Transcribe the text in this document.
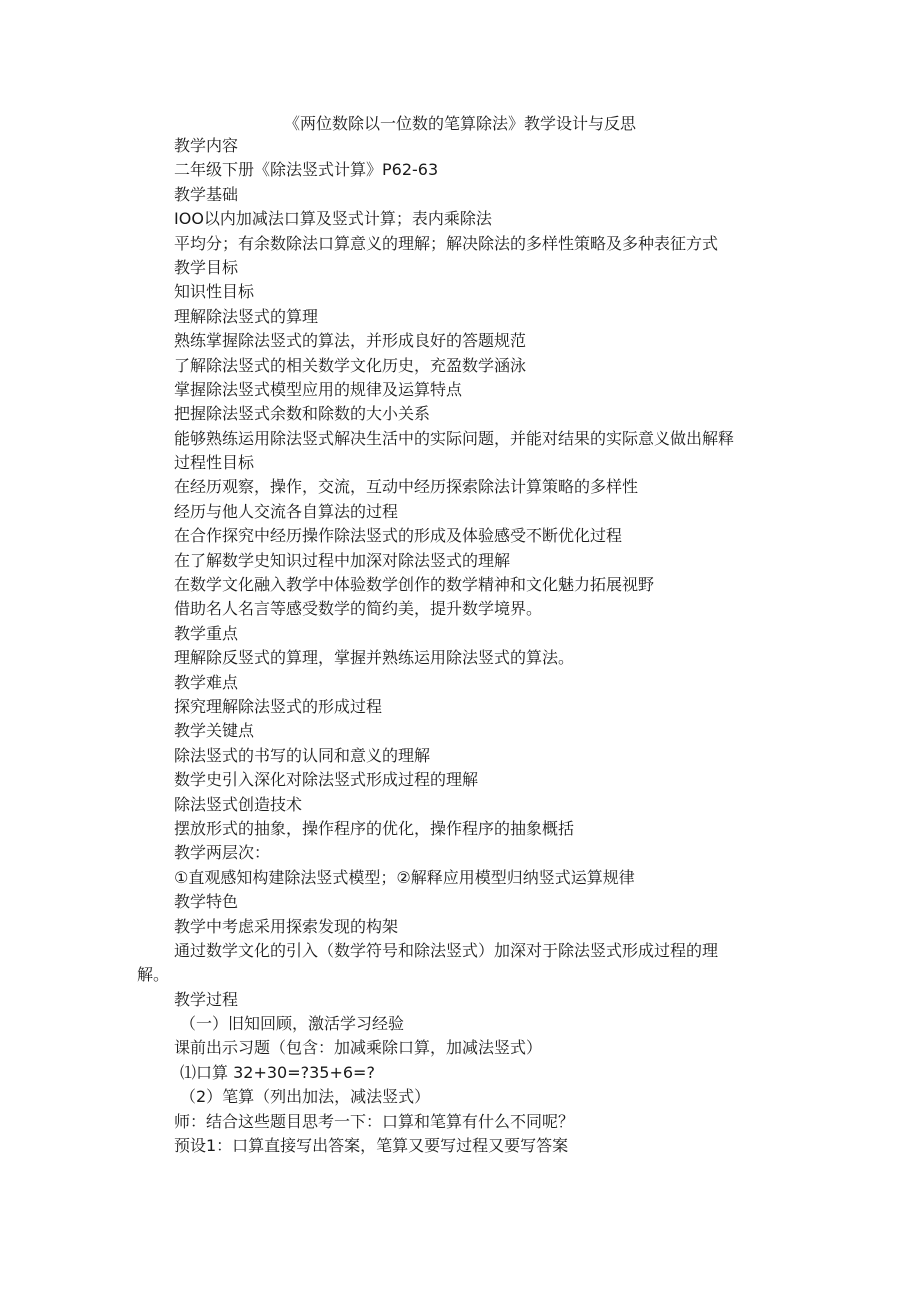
《两位数除以一位数的笔算除法》教学设计与反思
教学内容
二年级下册《除法竖式计算》P62-63
教学基础
IOO以内加减法口算及竖式计算；表内乘除法
平均分；有余数除法口算意义的理解；解决除法的多样性策略及多种表征方式
教学目标
知识性目标
理解除法竖式的算理
熟练掌握除法竖式的算法，并形成良好的答题规范
了解除法竖式的相关数学文化历史，充盈数学涵泳
掌握除法竖式模型应用的规律及运算特点
把握除法竖式余数和除数的大小关系
能够熟练运用除法竖式解决生活中的实际问题，并能对结果的实际意义做出解释
过程性目标
在经历观察，操作，交流，互动中经历探索除法计算策略的多样性
经历与他人交流各自算法的过程
在合作探究中经历操作除法竖式的形成及体验感受不断优化过程
在了解数学史知识过程中加深对除法竖式的理解
在数学文化融入教学中体验数学创作的数学精神和文化魅力拓展视野
借助名人名言等感受数学的简约美，提升数学境界。
教学重点
理解除反竖式的算理，掌握并熟练运用除法竖式的算法。
教学难点
探究理解除法竖式的形成过程
教学关键点
除法竖式的书写的认同和意义的理解
数学史引入深化对除法竖式形成过程的理解
除法竖式创造技术
摆放形式的抽象，操作程序的优化，操作程序的抽象概括
教学两层次：
①直观感知构建除法竖式模型；②解释应用模型归纳竖式运算规律
教学特色
教学中考虑采用探索发现的构架
通过数学文化的引入（数学符号和除法竖式）加深对于除法竖式形成过程的理
解。
教学过程
（一）旧知回顾，激活学习经验
课前出示习题（包含：加减乘除口算，加减法竖式）
⑴口算 32+30=?35+6=?
（2）笔算（列出加法，减法竖式）
师：结合这些题目思考一下：口算和笔算有什么不同呢？
预设1：口算直接写出答案，笔算又要写过程又要写答案
